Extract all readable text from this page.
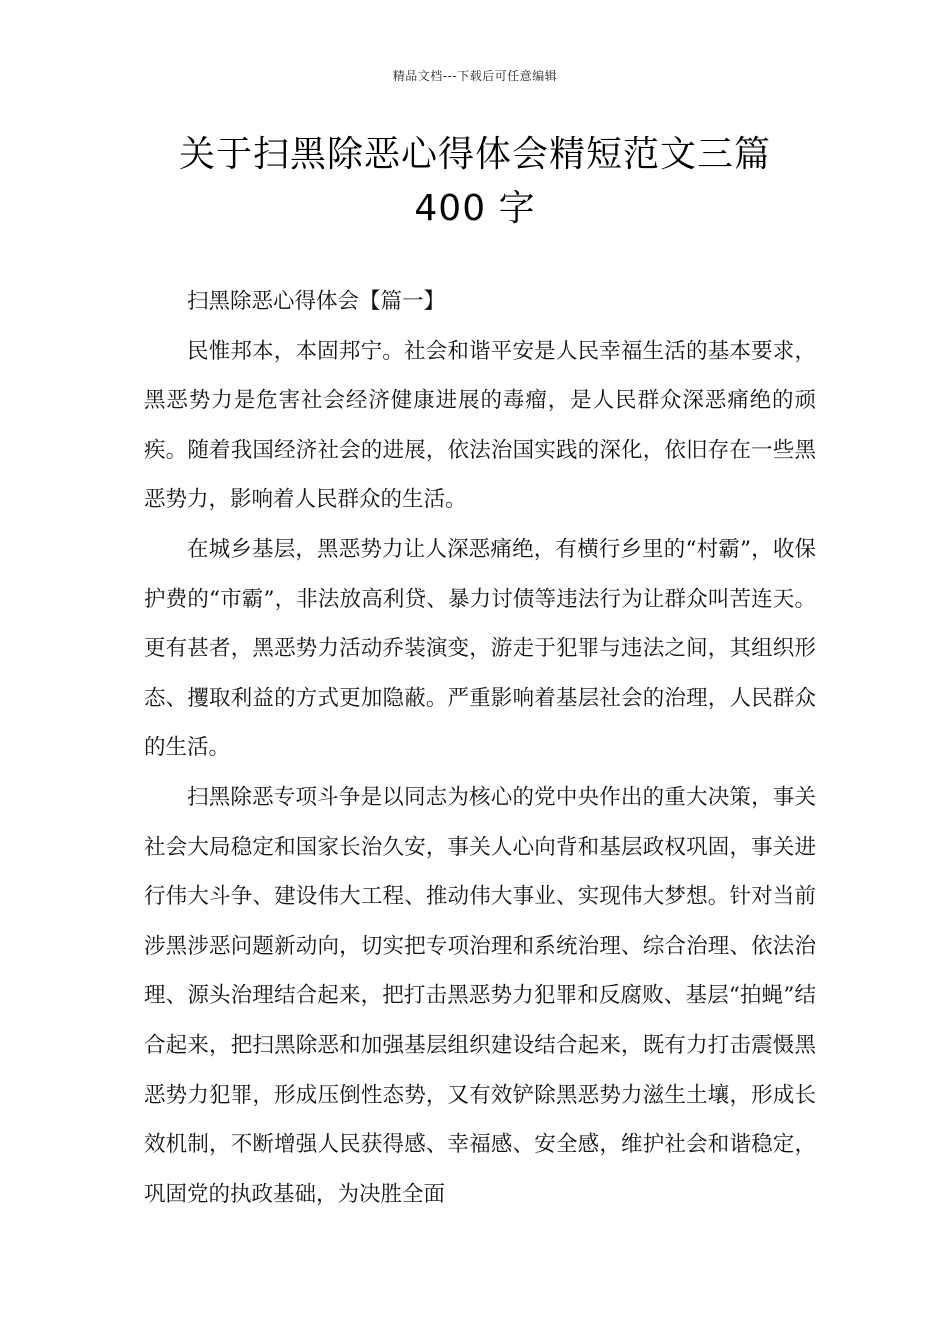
精品文档---下载后可任意编辑
关于扫黑除恶心得体会精短范文三篇
400 字

扫黑除恶心得体会【篇一】

民惟邦本，本固邦宁。社会和谐平安是人民幸福生活的基本要求，黑恶势力是危害社会经济健康进展的毒瘤，是人民群众深恶痛绝的顽疾。随着我国经济社会的进展，依法治国实践的深化，依旧存在一些黑恶势力，影响着人民群众的生活。

在城乡基层，黑恶势力让人深恶痛绝，有横行乡里的“村霸”，收保护费的“市霸”，非法放高利贷、暴力讨债等违法行为让群众叫苦连天。更有甚者，黑恶势力活动乔装演变，游走于犯罪与违法之间，其组织形态、攫取利益的方式更加隐蔽。严重影响着基层社会的治理，人民群众的生活。

扫黑除恶专项斗争是以同志为核心的党中央作出的重大决策，事关社会大局稳定和国家长治久安，事关人心向背和基层政权巩固，事关进行伟大斗争、建设伟大工程、推动伟大事业、实现伟大梦想。针对当前涉黑涉恶问题新动向，切实把专项治理和系统治理、综合治理、依法治理、源头治理结合起来，把打击黑恶势力犯罪和反腐败、基层“拍蝇”结合起来，把扫黑除恶和加强基层组织建设结合起来，既有力打击震慑黑恶势力犯罪，形成压倒性态势，又有效铲除黑恶势力滋生土壤，形成长效机制，不断增强人民获得感、幸福感、安全感，维护社会和谐稳定，巩固党的执政基础，为决胜全面
